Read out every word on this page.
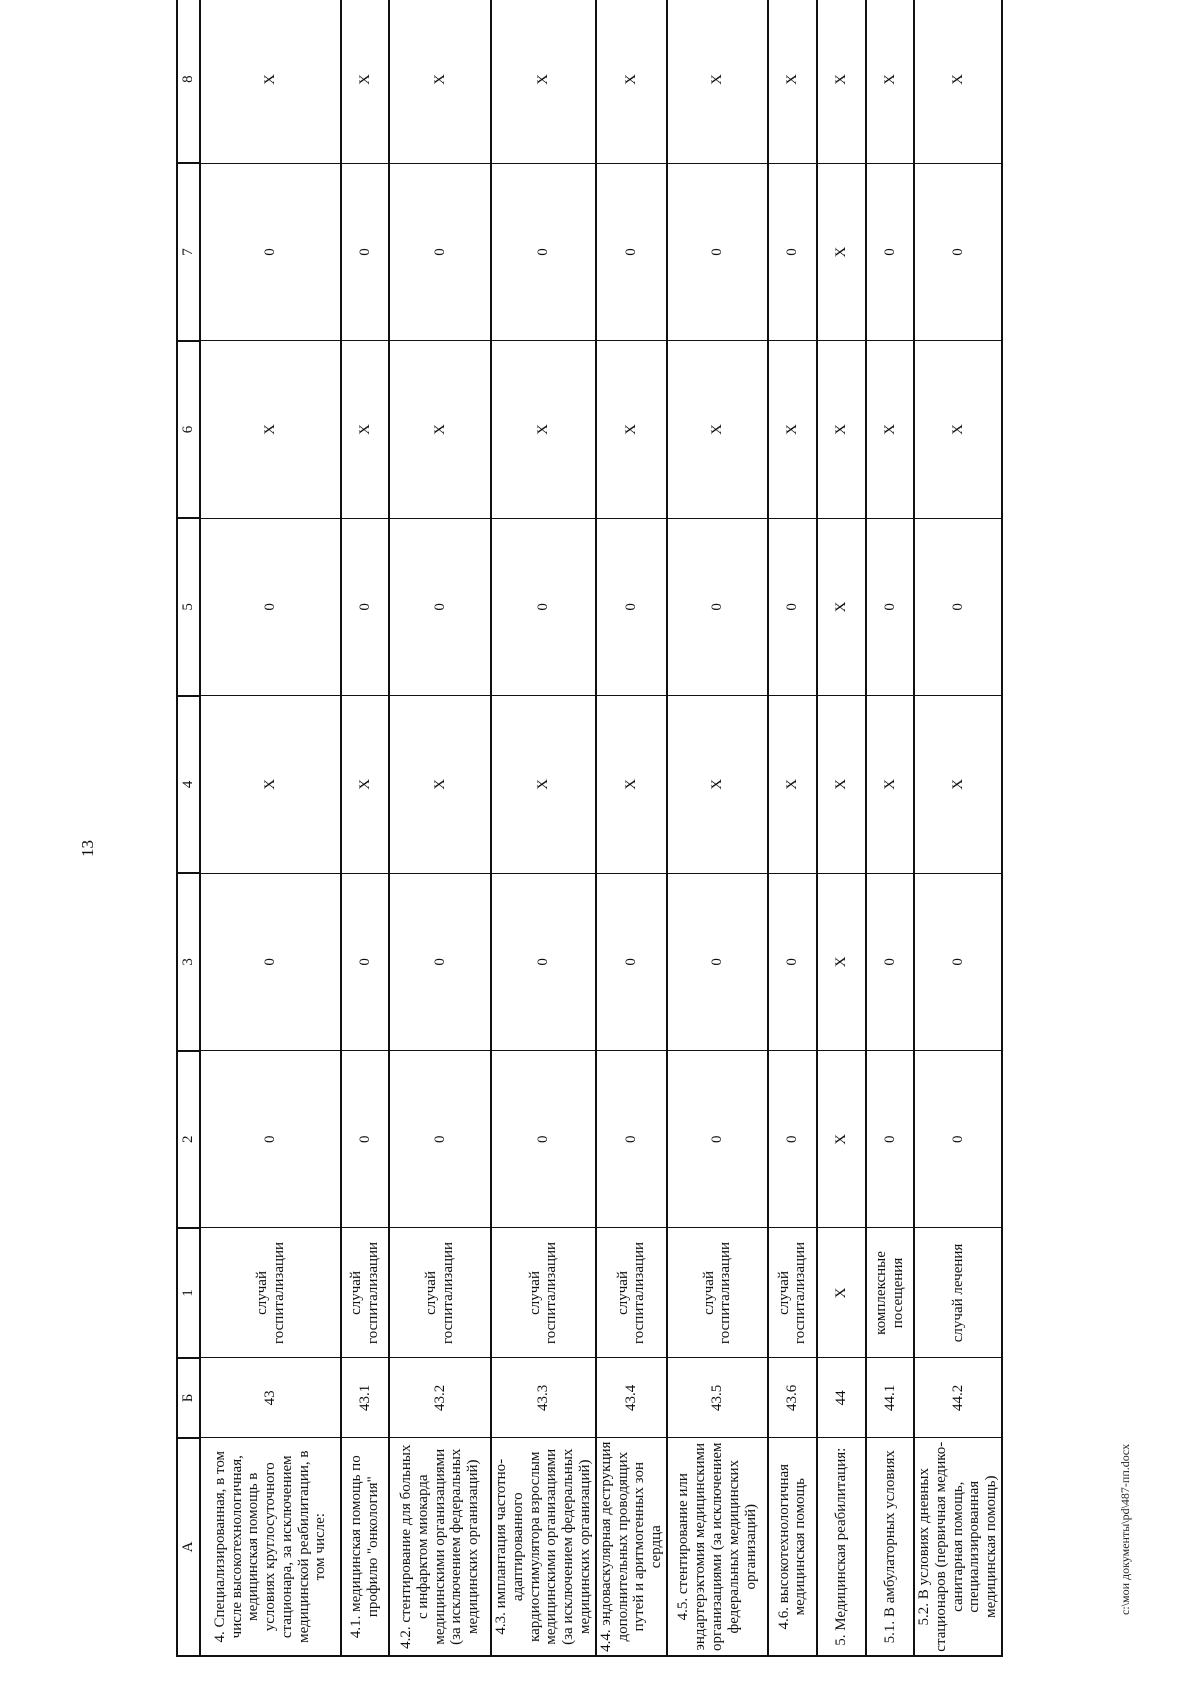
13
А	Б	1	2	3	4	5	6	7	8
4. Специализированная, в том числе высокотехнологичная, медицинская помощь в условиях круглосуточного стационара, за исключением медицинской реабилитации, в том числе:	43	случай госпитализации	0	0	Х	0	Х	0	Х
4.1. медицинская помощь по профилю "онкология"	43.1	случай госпитализации	0	0	Х	0	Х	0	Х
4.2. стентирование для больных с инфарктом миокарда медицинскими организациями (за исключением федеральных медицинских организаций)	43.2	случай госпитализации	0	0	Х	0	Х	0	Х
4.3. имплантация частотно-адаптированного кардиостимулятора взрослым медицинскими организациями (за исключением федеральных медицинских организаций)	43.3	случай госпитализации	0	0	Х	0	Х	0	Х
4.4. эндоваскулярная деструкция дополнительных проводящих путей и аритмогенных зон сердца	43.4	случай госпитализации	0	0	Х	0	Х	0	Х
4.5. стентирование или эндартерэктомия медицинскими организациями (за исключением федеральных медицинских организаций)	43.5	случай госпитализации	0	0	Х	0	Х	0	Х
4.6. высокотехнологичная медицинская помощь	43.6	случай госпитализации	0	0	Х	0	Х	0	Х
5. Медицинская реабилитация:	44	Х	Х	Х	Х	Х	Х	Х	Х
5.1. В амбулаторных условиях	44.1	комплексные посещения	0	0	Х	0	Х	0	Х
5.2. В условиях дневных стационаров (первичная медико-санитарная помощь, специализированная медицинская помощь)	44.2	случай лечения	0	0	Х	0	Х	0	Х
c:\мои документы\pd\487-пп.docx
